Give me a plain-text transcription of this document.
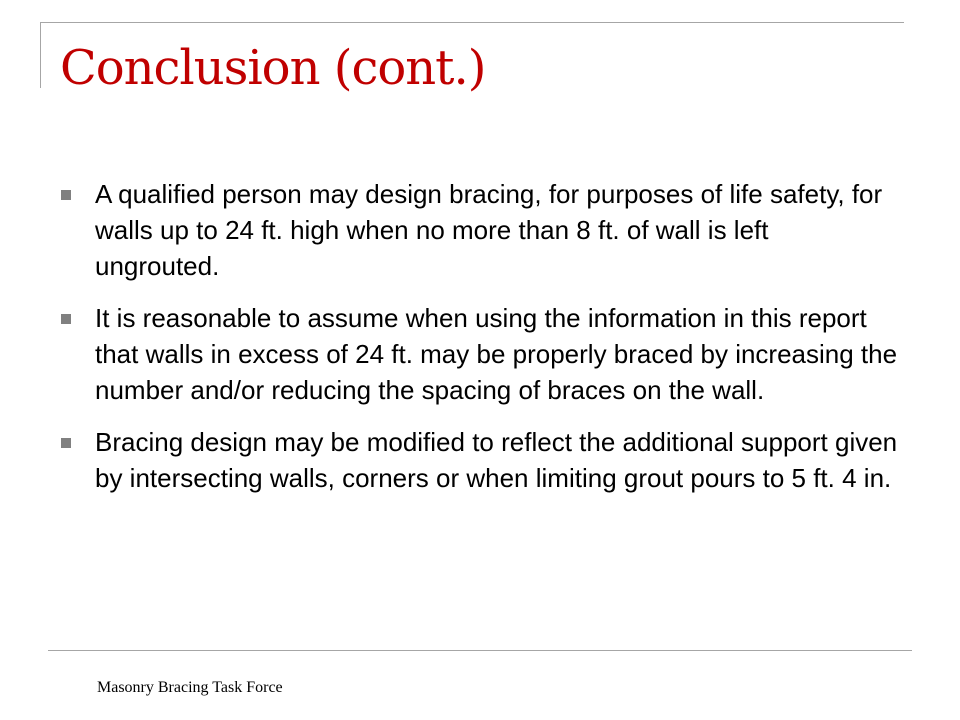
Conclusion (cont.)
A qualified person may design bracing, for purposes of life safety, for walls up to 24 ft. high when no more than 8 ft. of wall is left ungrouted.
It is reasonable to assume when using the information in this report that walls in excess of 24 ft. may be properly braced by increasing the number and/or reducing the spacing of braces on the wall.
Bracing design may be modified to reflect the additional support given by intersecting walls, corners or when limiting grout pours to 5 ft. 4 in.
Masonry Bracing Task Force
